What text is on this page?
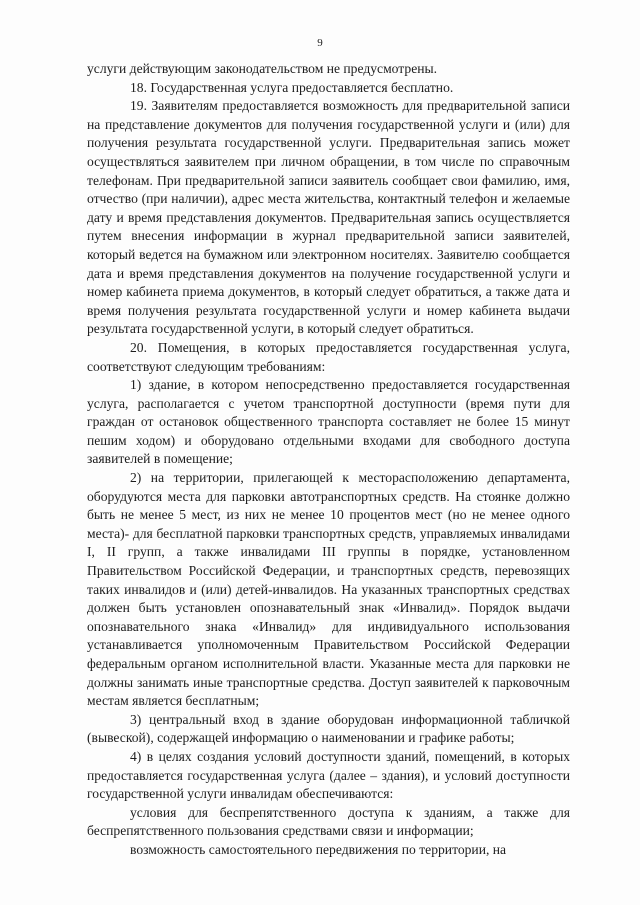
9

услуги действующим законодательством не предусмотрены.

18. Государственная услуга предоставляется бесплатно.

19. Заявителям предоставляется возможность для предварительной записи на представление документов для получения государственной услуги и (или) для получения результата государственной услуги. Предварительная запись может осуществляться заявителем при личном обращении, в том числе по справочным телефонам. При предварительной записи заявитель сообщает свои фамилию, имя, отчество (при наличии), адрес места жительства, контактный телефон и желаемые дату и время представления документов. Предварительная запись осуществляется путем внесения информации в журнал предварительной записи заявителей, который ведется на бумажном или электронном носителях. Заявителю сообщается дата и время представления документов на получение государственной услуги и номер кабинета приема документов, в который следует обратиться, а также дата и время получения результата государственной услуги и номер кабинета выдачи результата государственной услуги, в который следует обратиться.

20. Помещения, в которых предоставляется государственная услуга, соответствуют следующим требованиям:

1) здание, в котором непосредственно предоставляется государственная услуга, располагается с учетом транспортной доступности (время пути для граждан от остановок общественного транспорта составляет не более 15 минут пешим ходом) и оборудовано отдельными входами для свободного доступа заявителей в помещение;

2) на территории, прилегающей к месторасположению департамента, оборудуются места для парковки автотранспортных средств. На стоянке должно быть не менее 5 мест, из них не менее 10 процентов мест (но не менее одного места)- для бесплатной парковки транспортных средств, управляемых инвалидами I, II групп, а также инвалидами III группы в порядке, установленном Правительством Российской Федерации, и транспортных средств, перевозящих таких инвалидов и (или) детей-инвалидов. На указанных транспортных средствах должен быть установлен опознавательный знак «Инвалид». Порядок выдачи опознавательного знака «Инвалид» для индивидуального использования устанавливается уполномоченным Правительством Российской Федерации федеральным органом исполнительной власти. Указанные места для парковки не должны занимать иные транспортные средства. Доступ заявителей к парковочным местам является бесплатным;

3) центральный вход в здание оборудован информационной табличкой (вывеской), содержащей информацию о наименовании и графике работы;

4) в целях создания условий доступности зданий, помещений, в которых предоставляется государственная услуга (далее – здания), и условий доступности государственной услуги инвалидам обеспечиваются:

условия для беспрепятственного доступа к зданиям, а также для беспрепятственного пользования средствами связи и информации;

возможность самостоятельного передвижения по территории, на
